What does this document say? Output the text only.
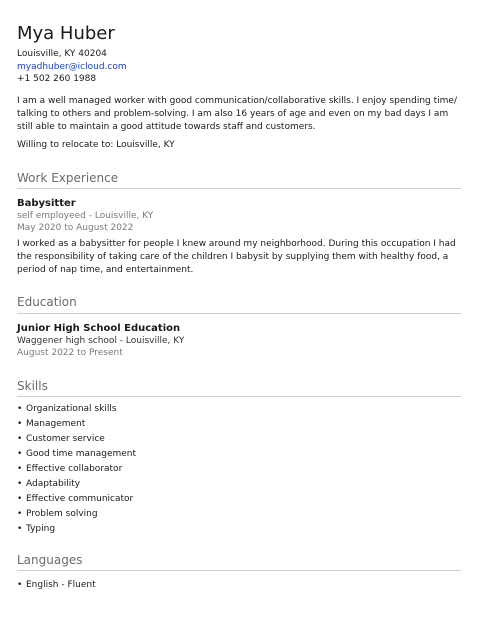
Mya Huber
Louisville, KY 40204
myadhuber@icloud.com
+1 502 260 1988

I am a well managed worker with good communication/collaborative skills. I enjoy spending time/ talking to others and problem-solving. I am also 16 years of age and even on my bad days I am still able to maintain a good attitude towards staff and customers.

Willing to relocate to: Louisville, KY
Work Experience
Babysitter
self employeed - Louisville, KY
May 2020 to August 2022

I worked as a babysitter for people I knew around my neighborhood. During this occupation I had the responsibility of taking care of the children I babysit by supplying them with healthy food, a period of nap time, and entertainment.

Education
Junior High School Education
Waggener high school - Louisville, KY
August 2022 to Present
Skills
• Organizational skills
• Management
• Customer service
• Good time management
• Effective collaborator
• Adaptability
• Effective communicator
• Problem solving
• Typing
Languages
• English - Fluent
